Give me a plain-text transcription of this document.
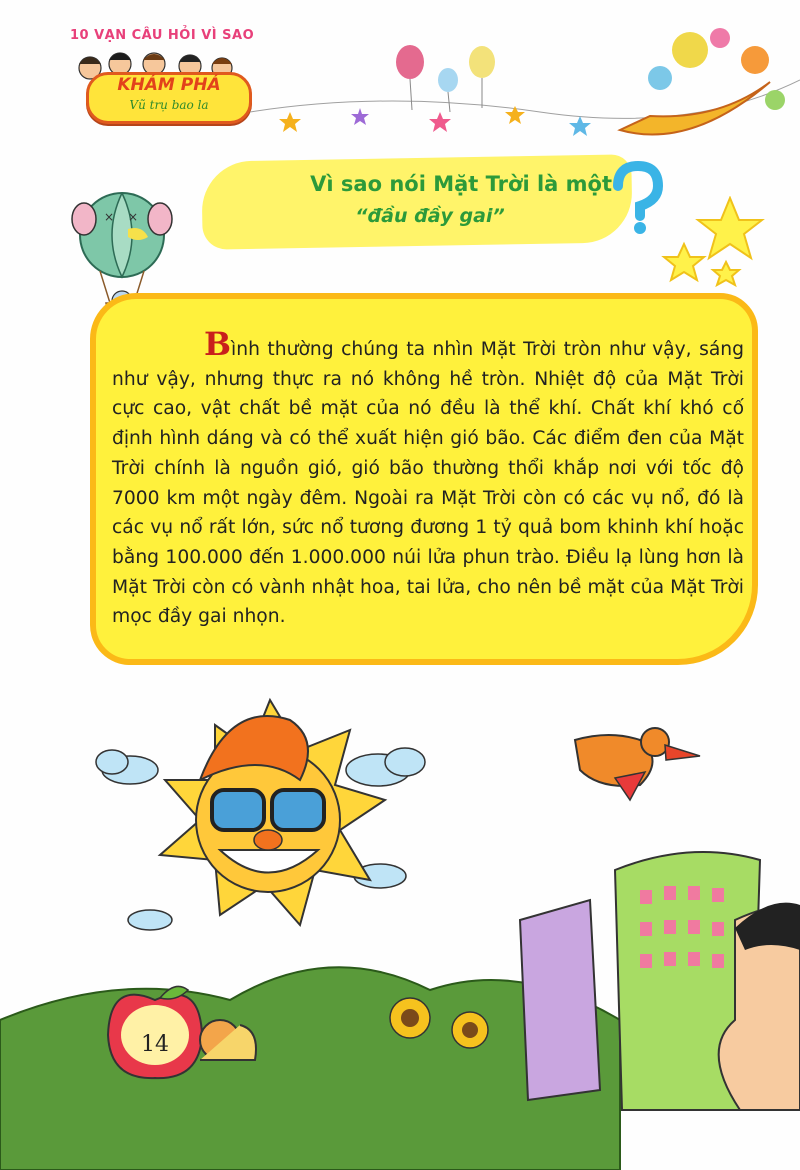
10 VẠN CÂU HỎI VÌ SAO
KHÁM PHÁ
Vũ trụ bao la
Vì sao nói Mặt Trời là một
“đầu đầy gai”
× ×
Bình thường chúng ta nhìn Mặt Trời tròn như vậy, sáng như vậy, nhưng thực ra nó không hề tròn. Nhiệt độ của Mặt Trời cực cao, vật chất bề mặt của nó đều là thể khí. Chất khí khó cố định hình dáng và có thể xuất hiện gió bão. Các điểm đen của Mặt Trời chính là nguồn gió, gió bão thường thổi khắp nơi với tốc độ 7000 km một ngày đêm. Ngoài ra Mặt Trời còn có các vụ nổ, đó là các vụ nổ rất lớn, sức nổ tương đương 1 tỷ quả bom khinh khí hoặc bằng 100.000 đến 1.000.000 núi lửa phun trào. Điều lạ lùng hơn là Mặt Trời còn có vành nhật hoa, tai lửa, cho nên bề mặt của Mặt Trời mọc đầy gai nhọn.
14
